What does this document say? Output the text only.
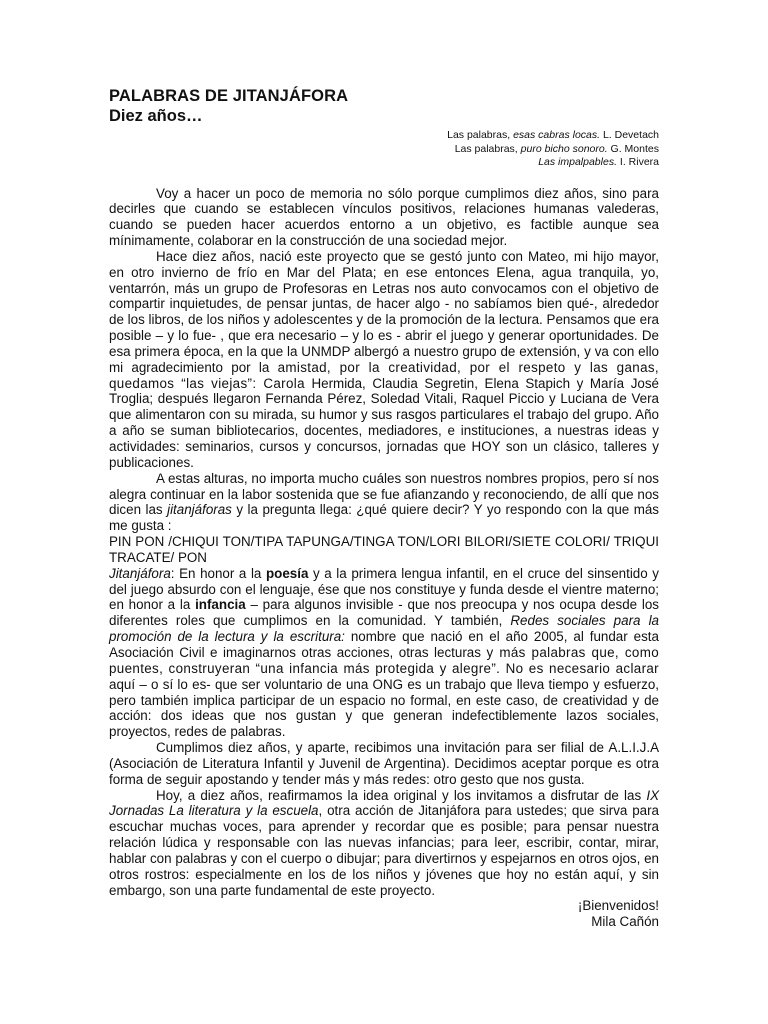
PALABRAS DE JITANJÁFORA
Diez años…
Las palabras, esas cabras locas. L. Devetach
Las palabras, puro bicho sonoro. G. Montes
Las impalpables. I. Rivera

Voy a hacer un poco de memoria no sólo porque cumplimos diez años, sino para decirles que cuando se establecen vínculos positivos, relaciones humanas valederas, cuando se pueden hacer acuerdos entorno a un objetivo, es factible aunque sea mínimamente, colaborar en la construcción de una sociedad mejor.

Hace diez años, nació este proyecto que se gestó junto con Mateo, mi hijo mayor, en otro invierno de frío en Mar del Plata; en ese entonces Elena, agua tranquila, yo, ventarrón, más un grupo de Profesoras en Letras nos auto convocamos con el objetivo de compartir inquietudes, de pensar juntas, de hacer algo - no sabíamos bien qué-, alrededor de los libros, de los niños y adolescentes y de la promoción de la lectura. Pensamos que era posible – y lo fue- , que era necesario – y lo es - abrir el juego y generar oportunidades. De esa primera época, en la que la UNMDP albergó a nuestro grupo de extensión, y va con ello mi agradecimiento por la amistad, por la creatividad, por el respeto y las ganas, quedamos “las viejas”: Carola Hermida, Claudia Segretin, Elena Stapich y María José Troglia; después llegaron Fernanda Pérez, Soledad Vitali, Raquel Piccio y Luciana de Vera que alimentaron con su mirada, su humor y sus rasgos particulares el trabajo del grupo. Año a año se suman bibliotecarios, docentes, mediadores, e instituciones, a nuestras ideas y actividades: seminarios, cursos y concursos, jornadas que HOY son un clásico, talleres y publicaciones.

A estas alturas, no importa mucho cuáles son nuestros nombres propios, pero sí nos alegra continuar en la labor sostenida que se fue afianzando y reconociendo, de allí que nos dicen las jitanjáforas y la pregunta llega: ¿qué quiere decir? Y yo respondo con la que más me gusta :

PIN PON /CHIQUI TON/TIPA TAPUNGA/TINGA TON/LORI BILORI/SIETE COLORI/ TRIQUI TRACATE/ PON

Jitanjáfora: En honor a la poesía y a la primera lengua infantil, en el cruce del sinsentido y del juego absurdo con el lenguaje, ése que nos constituye y funda desde el vientre materno; en honor a la infancia – para algunos invisible - que nos preocupa y nos ocupa desde los diferentes roles que cumplimos en la comunidad. Y también, Redes sociales para la promoción de la lectura y la escritura: nombre que nació en el año 2005, al fundar esta Asociación Civil e imaginarnos otras acciones, otras lecturas y más palabras que, como puentes, construyeran “una infancia más protegida y alegre”. No es necesario aclarar aquí – o sí lo es- que ser voluntario de una ONG es un trabajo que lleva tiempo y esfuerzo, pero también implica participar de un espacio no formal, en este caso, de creatividad y de acción: dos ideas que nos gustan y que generan indefectiblemente lazos sociales, proyectos, redes de palabras.

Cumplimos diez años, y aparte, recibimos una invitación para ser filial de A.L.I.J.A (Asociación de Literatura Infantil y Juvenil de Argentina). Decidimos aceptar porque es otra forma de seguir apostando y tender más y más redes: otro gesto que nos gusta.

Hoy, a diez años, reafirmamos la idea original y los invitamos a disfrutar de las IX Jornadas La literatura y la escuela, otra acción de Jitanjáfora para ustedes; que sirva para escuchar muchas voces, para aprender y recordar que es posible; para pensar nuestra relación lúdica y responsable con las nuevas infancias; para leer, escribir, contar, mirar, hablar con palabras y con el cuerpo o dibujar; para divertirnos y espejarnos en otros ojos, en otros rostros: especialmente en los de los niños y jóvenes que hoy no están aquí, y sin embargo, son una parte fundamental de este proyecto.

¡Bienvenidos!
Mila Cañón
